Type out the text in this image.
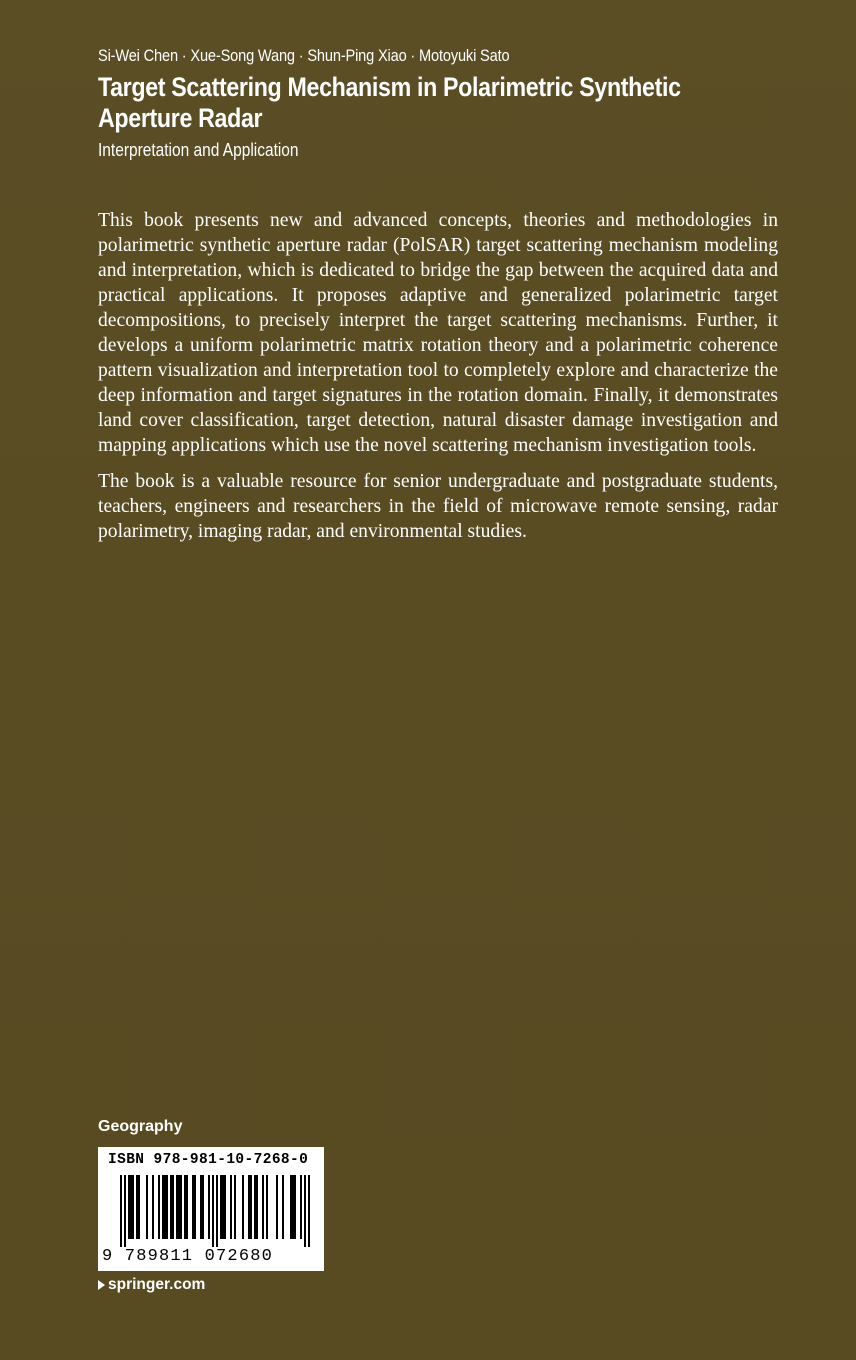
Si-Wei Chen · Xue-Song Wang · Shun-Ping Xiao · Motoyuki Sato
Target Scattering Mechanism in Polarimetric Synthetic Aperture Radar
Interpretation and Application

This book presents new and advanced concepts, theories and methodologies in polarimetric synthetic aperture radar (PolSAR) target scattering mechanism modeling and interpretation, which is dedicated to bridge the gap between the acquired data and practical applications. It proposes adaptive and generalized polarimetric target decompositions, to precisely interpret the target scattering mechanisms. Further, it develops a uniform polarimetric matrix rotation theory and a polarimetric coherence pattern visualization and interpretation tool to completely explore and characterize the deep information and target signatures in the rotation domain. Finally, it demonstrates land cover classification, target detection, natural disaster damage investigation and mapping applications which use the novel scattering mechanism investigation tools.

The book is a valuable resource for senior undergraduate and postgraduate students, teachers, engineers and researchers in the field of microwave remote sensing, radar polarimetry, imaging radar, and environmental studies.

Geography
ISBN 978-981-10-7268-0
9 789811 072680
springer.com
